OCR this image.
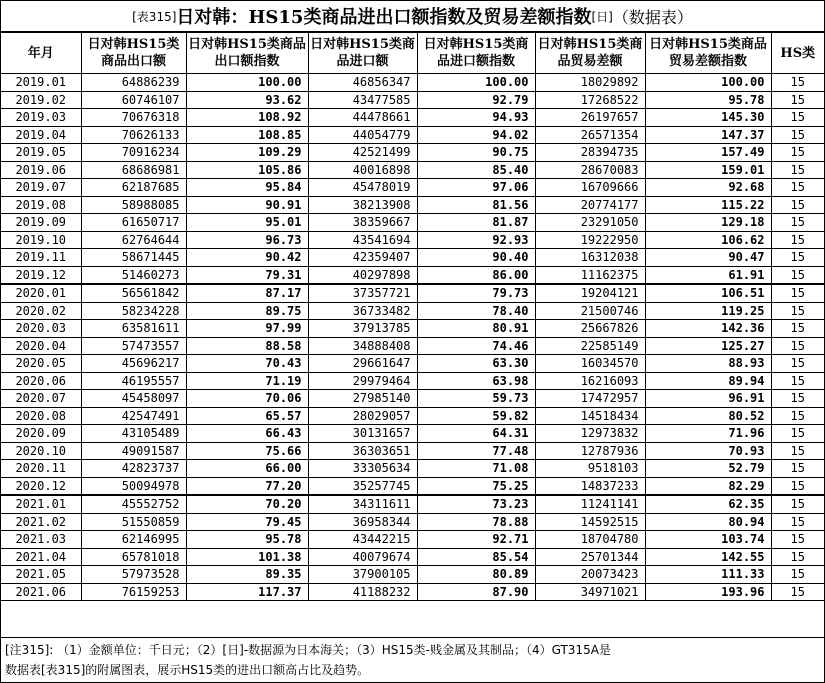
[表315] 日对韩：HS15类商品进出口额指数及贸易差额指数 [日] （数据表）
年月	日对韩HS15类商品出口额	日对韩HS15类商品出口额指数	日对韩HS15类商品进口额	日对韩HS15类商品进口额指数	日对韩HS15类商品贸易差额	日对韩HS15类商品贸易差额指数	HS类
2019.01	64886239	100.00	46856347	100.00	18029892	100.00	15
2019.02	60746107	93.62	43477585	92.79	17268522	95.78	15
2019.03	70676318	108.92	44478661	94.93	26197657	145.30	15
2019.04	70626133	108.85	44054779	94.02	26571354	147.37	15
2019.05	70916234	109.29	42521499	90.75	28394735	157.49	15
2019.06	68686981	105.86	40016898	85.40	28670083	159.01	15
2019.07	62187685	95.84	45478019	97.06	16709666	92.68	15
2019.08	58988085	90.91	38213908	81.56	20774177	115.22	15
2019.09	61650717	95.01	38359667	81.87	23291050	129.18	15
2019.10	62764644	96.73	43541694	92.93	19222950	106.62	15
2019.11	58671445	90.42	42359407	90.40	16312038	90.47	15
2019.12	51460273	79.31	40297898	86.00	11162375	61.91	15
2020.01	56561842	87.17	37357721	79.73	19204121	106.51	15
2020.02	58234228	89.75	36733482	78.40	21500746	119.25	15
2020.03	63581611	97.99	37913785	80.91	25667826	142.36	15
2020.04	57473557	88.58	34888408	74.46	22585149	125.27	15
2020.05	45696217	70.43	29661647	63.30	16034570	88.93	15
2020.06	46195557	71.19	29979464	63.98	16216093	89.94	15
2020.07	45458097	70.06	27985140	59.73	17472957	96.91	15
2020.08	42547491	65.57	28029057	59.82	14518434	80.52	15
2020.09	43105489	66.43	30131657	64.31	12973832	71.96	15
2020.10	49091587	75.66	36303651	77.48	12787936	70.93	15
2020.11	42823737	66.00	33305634	71.08	9518103	52.79	15
2020.12	50094978	77.20	35257745	75.25	14837233	82.29	15
2021.01	45552752	70.20	34311611	73.23	11241141	62.35	15
2021.02	51550859	79.45	36958344	78.88	14592515	80.94	15
2021.03	62146995	95.78	43442215	92.71	18704780	103.74	15
2021.04	65781018	101.38	40079674	85.54	25701344	142.55	15
2021.05	57973528	89.35	37900105	80.89	20073423	111.33	15
2021.06	76159253	117.37	41188232	87.90	34971021	193.96	15
[注315]: （1）金额单位：千日元；（2）[日]-数据源为日本海关；（3）HS15类-贱金属及其制品；（4）GT315A是
数据表[表315]的附属图表，展示HS15类的进出口额高占比及趋势。
